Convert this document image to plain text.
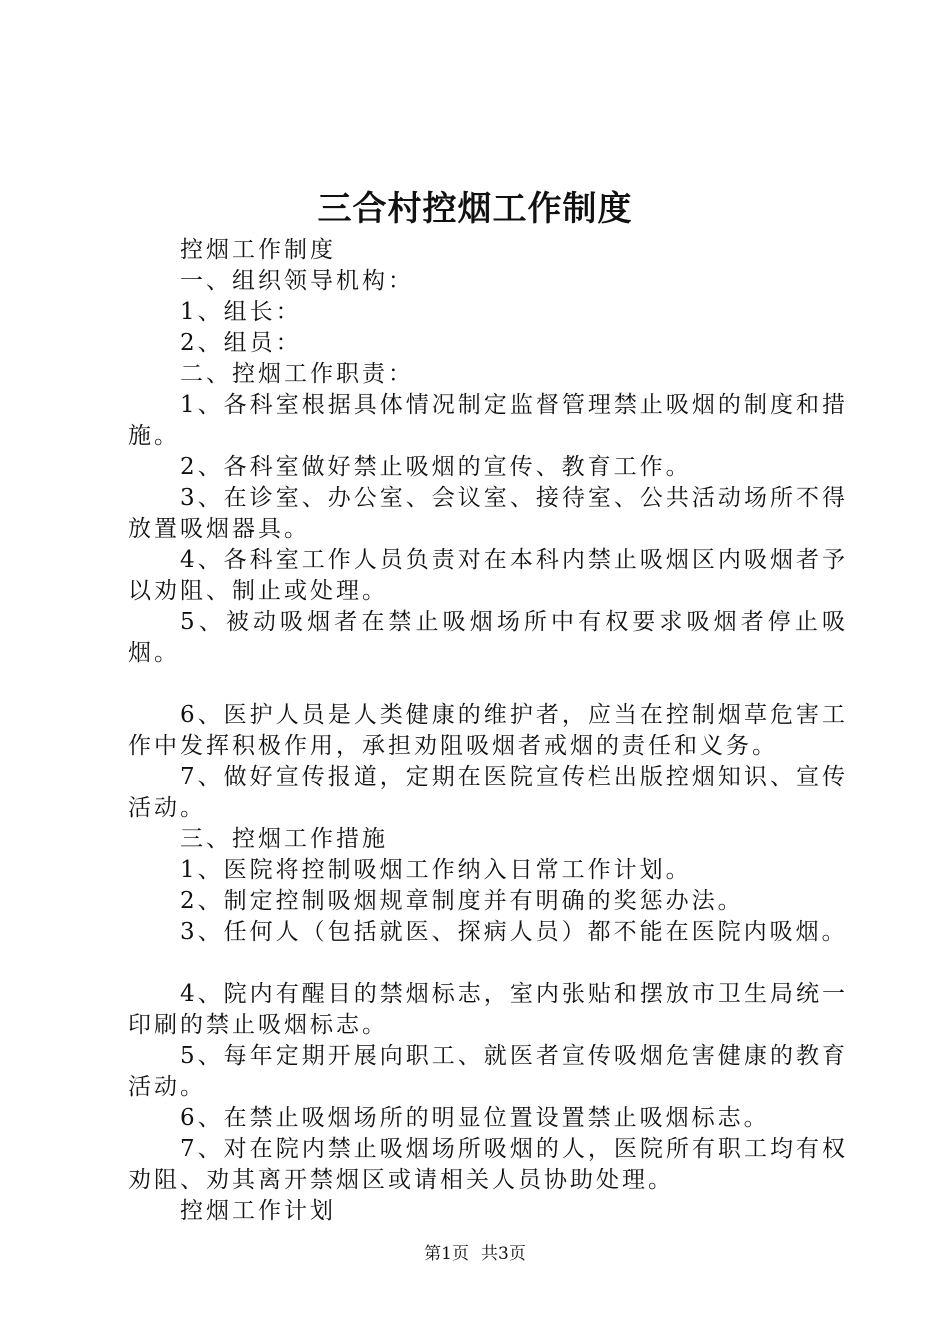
三合村控烟工作制度

控烟工作制度

一、组织领导机构：

1、组长：

2、组员：

二、控烟工作职责：

1、各科室根据具体情况制定监督管理禁止吸烟的制度和措施。

2、各科室做好禁止吸烟的宣传、教育工作。

3、在诊室、办公室、会议室、接待室、公共活动场所不得放置吸烟器具。

4、各科室工作人员负责对在本科内禁止吸烟区内吸烟者予以劝阻、制止或处理。

5、被动吸烟者在禁止吸烟场所中有权要求吸烟者停止吸烟。

6、医护人员是人类健康的维护者，应当在控制烟草危害工作中发挥积极作用，承担劝阻吸烟者戒烟的责任和义务。

7、做好宣传报道，定期在医院宣传栏出版控烟知识、宣传活动。

三、控烟工作措施

1、医院将控制吸烟工作纳入日常工作计划。

2、制定控制吸烟规章制度并有明确的奖惩办法。

3、任何人（包括就医、探病人员）都不能在医院内吸烟。

4、院内有醒目的禁烟标志，室内张贴和摆放市卫生局统一印刷的禁止吸烟标志。

5、每年定期开展向职工、就医者宣传吸烟危害健康的教育活动。

6、在禁止吸烟场所的明显位置设置禁止吸烟标志。

7、对在院内禁止吸烟场所吸烟的人，医院所有职工均有权劝阻、劝其离开禁烟区或请相关人员协助处理。

控烟工作计划

第1页 共3页
